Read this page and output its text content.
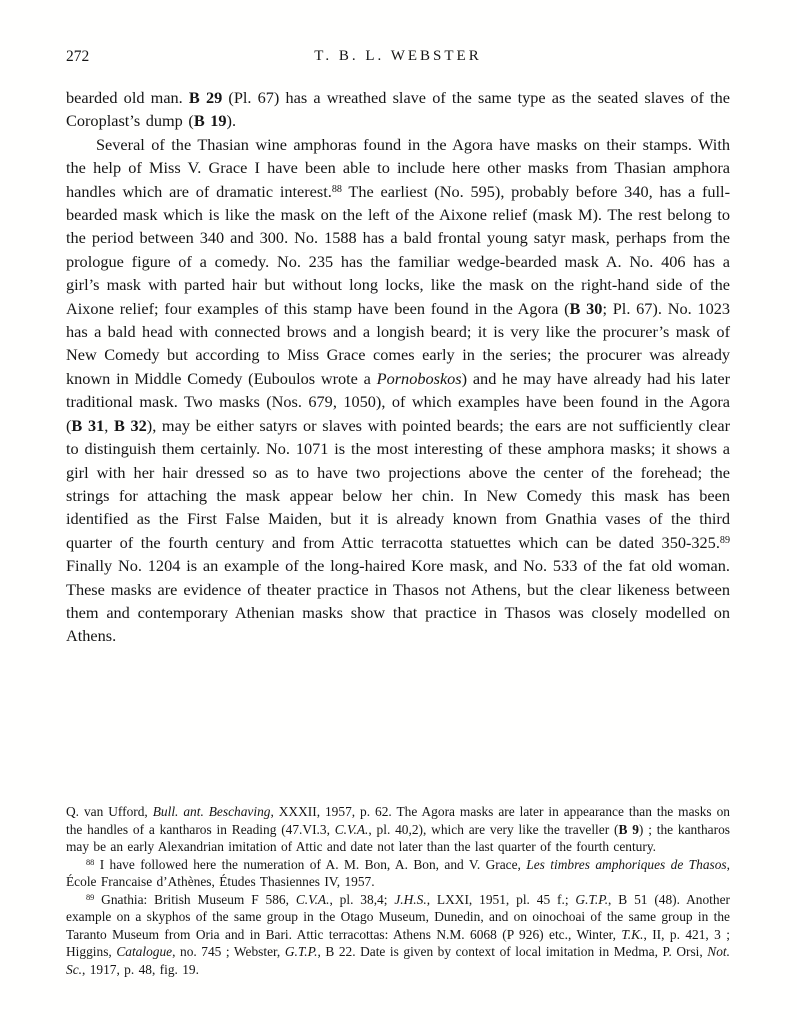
272	T. B. L. WEBSTER

bearded old man. B 29 (Pl. 67) has a wreathed slave of the same type as the seated slaves of the Coroplast’s dump (B 19).

Several of the Thasian wine amphoras found in the Agora have masks on their stamps. With the help of Miss V. Grace I have been able to include here other masks from Thasian amphora handles which are of dramatic interest.$^{88}$ The earliest (No. 595), probably before 340, has a full-bearded mask which is like the mask on the left of the Aixone relief (mask M). The rest belong to the period between 340 and 300. No. 1588 has a bald frontal young satyr mask, perhaps from the prologue figure of a comedy. No. 235 has the familiar wedge-bearded mask A. No. 406 has a girl’s mask with parted hair but without long locks, like the mask on the right-hand side of the Aixone relief; four examples of this stamp have been found in the Agora (B 30; Pl. 67). No. 1023 has a bald head with connected brows and a longish beard; it is very like the procurer’s mask of New Comedy but according to Miss Grace comes early in the series; the procurer was already known in Middle Comedy (Euboulos wrote a Pornoboskos) and he may have already had his later traditional mask. Two masks (Nos. 679, 1050), of which examples have been found in the Agora (B 31, B 32), may be either satyrs or slaves with pointed beards; the ears are not sufficiently clear to distinguish them certainly. No. 1071 is the most interesting of these amphora masks; it shows a girl with her hair dressed so as to have two projections above the center of the forehead; the strings for attaching the mask appear below her chin. In New Comedy this mask has been identified as the First False Maiden, but it is already known from Gnathia vases of the third quarter of the fourth century and from Attic terracotta statuettes which can be dated 350-325.89 Finally No. 1204 is an example of the long-haired Kore mask, and No. 533 of the fat old woman. These masks are evidence of theater practice in Thasos not Athens, but the clear likeness between them and contemporary Athenian masks show that practice in Thasos was closely modelled on Athens.

Q. van Ufford, Bull. ant. Beschaving, XXXII, 1957, p. 62. The Agora masks are later in appearance than the masks on the handles of a kantharos in Reading (47.VI.3, C.V.A., pl. 40,2), which are very like the traveller (B 9) ; the kantharos may be an early Alexandrian imitation of Attic and date not later than the last quarter of the fourth century.

$^{88}$ I have followed here the numeration of A. M. Bon, A. Bon, and V. Grace, Les timbres amphoriques de Thasos, École Francaise d’Athènes, Études Thasiennes IV, 1957.

$^{89}$ Gnathia: British Museum F 586, C.V.A., pl. 38,4; J.H.S., LXXI, 1951, pl. 45 f.; G.T.P., B 51 (48). Another example on a skyphos of the same group in the Otago Museum, Dunedin, and on oinochoai of the same group in the Taranto Museum from Oria and in Bari. Attic terracottas: Athens N.M. 6068 (P 926) etc., Winter, T.K., II, p. 421, 3 ; Higgins, Catalogue, no. 745 ; Webster, G.T.P., B 22. Date is given by context of local imitation in Medma, P. Orsi, Not. Sc., 1917, p. 48, fig. 19.
